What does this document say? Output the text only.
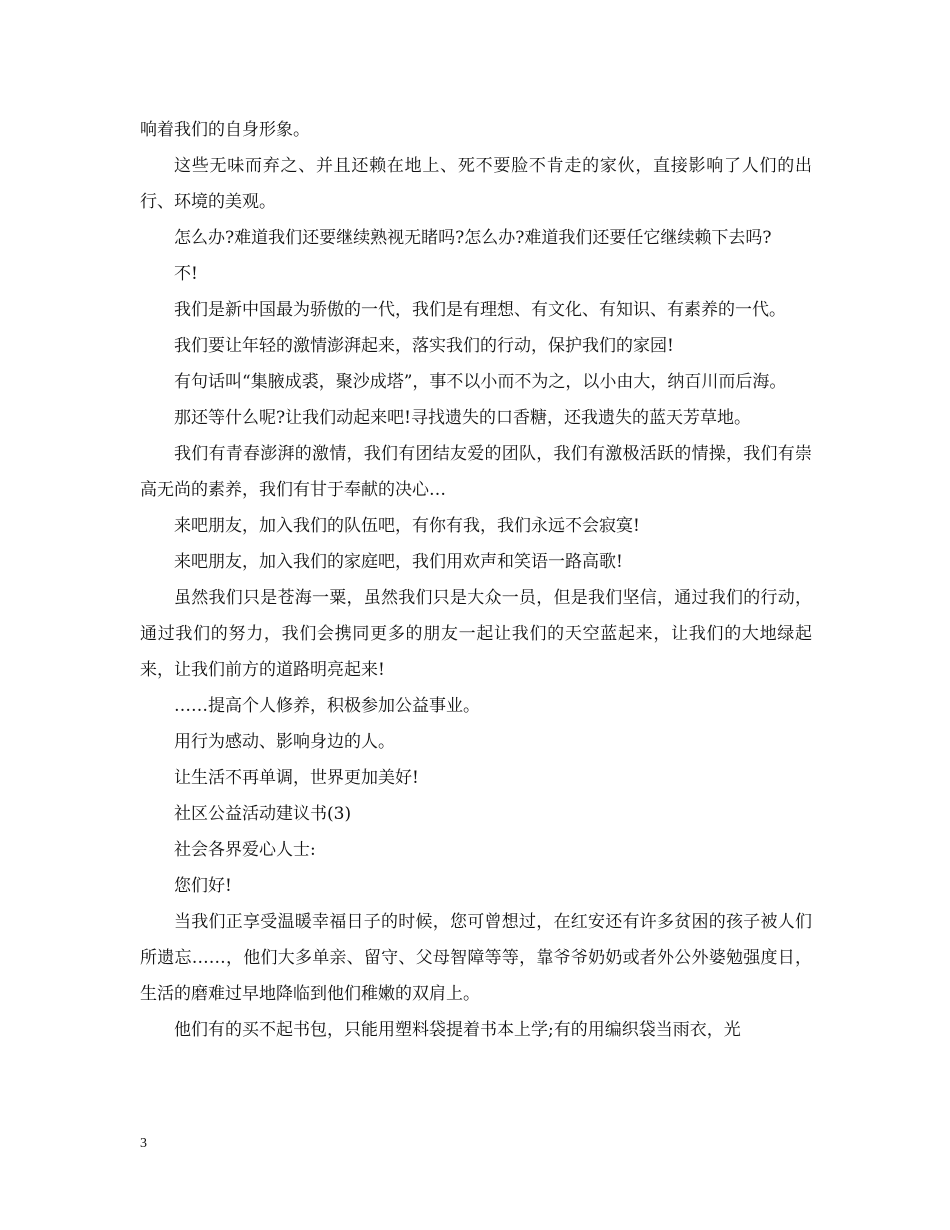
响着我们的自身形象。

这些无味而弃之、并且还赖在地上、死不要脸不肯走的家伙，直接影响了人们的出行、环境的美观。

怎么办?难道我们还要继续熟视无睹吗?怎么办?难道我们还要任它继续赖下去吗?

不!

我们是新中国最为骄傲的一代，我们是有理想、有文化、有知识、有素养的一代。

我们要让年轻的激情澎湃起来，落实我们的行动，保护我们的家园!

有句话叫“集腋成裘，聚沙成塔”，事不以小而不为之，以小由大，纳百川而后海。

那还等什么呢?让我们动起来吧!寻找遗失的口香糖，还我遗失的蓝天芳草地。

我们有青春澎湃的激情，我们有团结友爱的团队，我们有激极活跃的情操，我们有崇高无尚的素养，我们有甘于奉献的决心…

来吧朋友，加入我们的队伍吧，有你有我，我们永远不会寂寞!

来吧朋友，加入我们的家庭吧，我们用欢声和笑语一路高歌!

虽然我们只是苍海一粟，虽然我们只是大众一员，但是我们坚信，通过我们的行动，通过我们的努力，我们会携同更多的朋友一起让我们的天空蓝起来，让我们的大地绿起来，让我们前方的道路明亮起来!

……提高个人修养，积极参加公益事业。

用行为感动、影响身边的人。

让生活不再单调，世界更加美好!

社区公益活动建议书(3)

社会各界爱心人士:

您们好!

当我们正享受温暖幸福日子的时候，您可曾想过，在红安还有许多贫困的孩子被人们所遗忘……，他们大多单亲、留守、父母智障等等，靠爷爷奶奶或者外公外婆勉强度日，生活的磨难过早地降临到他们稚嫩的双肩上。

他们有的买不起书包，只能用塑料袋提着书本上学;有的用编织袋当雨衣，光

3
